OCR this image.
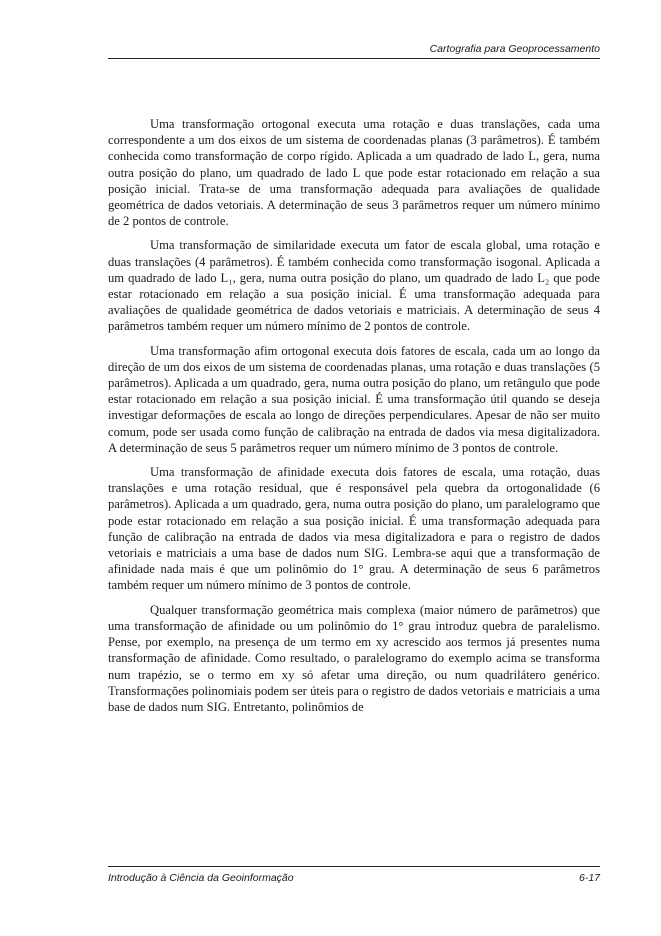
Cartografia para Geoprocessamento

Uma transformação ortogonal executa uma rotação e duas translações, cada uma correspondente a um dos eixos de um sistema de coordenadas planas (3 parâmetros). É também conhecida como transformação de corpo rígido. Aplicada a um quadrado de lado L, gera, numa outra posição do plano, um quadrado de lado L que pode estar rotacionado em relação a sua posição inicial. Trata-se de uma transformação adequada para avaliações de qualidade geométrica de dados vetoriais. A determinação de seus 3 parâmetros requer um número mínimo de 2 pontos de controle.

Uma transformação de similaridade executa um fator de escala global, uma rotação e duas translações (4 parâmetros). É também conhecida como transformação isogonal. Aplicada a um quadrado de lado L₁, gera, numa outra posição do plano, um quadrado de lado L₂ que pode estar rotacionado em relação a sua posição inicial. É uma transformação adequada para avaliações de qualidade geométrica de dados vetoriais e matriciais. A determinação de seus 4 parâmetros também requer um número mínimo de 2 pontos de controle.

Uma transformação afim ortogonal executa dois fatores de escala, cada um ao longo da direção de um dos eixos de um sistema de coordenadas planas, uma rotação e duas translações (5 parâmetros). Aplicada a um quadrado, gera, numa outra posição do plano, um retângulo que pode estar rotacionado em relação a sua posição inicial. É uma transformação útil quando se deseja investigar deformações de escala ao longo de direções perpendiculares. Apesar de não ser muito comum, pode ser usada como função de calibração na entrada de dados via mesa digitalizadora. A determinação de seus 5 parâmetros requer um número mínimo de 3 pontos de controle.

Uma transformação de afinidade executa dois fatores de escala, uma rotação, duas translações e uma rotação residual, que é responsável pela quebra da ortogonalidade (6 parâmetros). Aplicada a um quadrado, gera, numa outra posição do plano, um paralelogramo que pode estar rotacionado em relação a sua posição inicial. É uma transformação adequada para função de calibração na entrada de dados via mesa digitalizadora e para o registro de dados vetoriais e matriciais a uma base de dados num SIG. Lembra-se aqui que a transformação de afinidade nada mais é que um polinômio do 1° grau. A determinação de seus 6 parâmetros também requer um número mínimo de 3 pontos de controle.

Qualquer transformação geométrica mais complexa (maior número de parâmetros) que uma transformação de afinidade ou um polinômio do 1° grau introduz quebra de paralelismo. Pense, por exemplo, na presença de um termo em xy acrescido aos termos já presentes numa transformação de afinidade. Como resultado, o paralelogramo do exemplo acima se transforma num trapézio, se o termo em xy só afetar uma direção, ou num quadrilátero genérico. Transformações polinomiais podem ser úteis para o registro de dados vetoriais e matriciais a uma base de dados num SIG. Entretanto, polinômios de

Introdução à Ciência da Geoinformação	6-17
